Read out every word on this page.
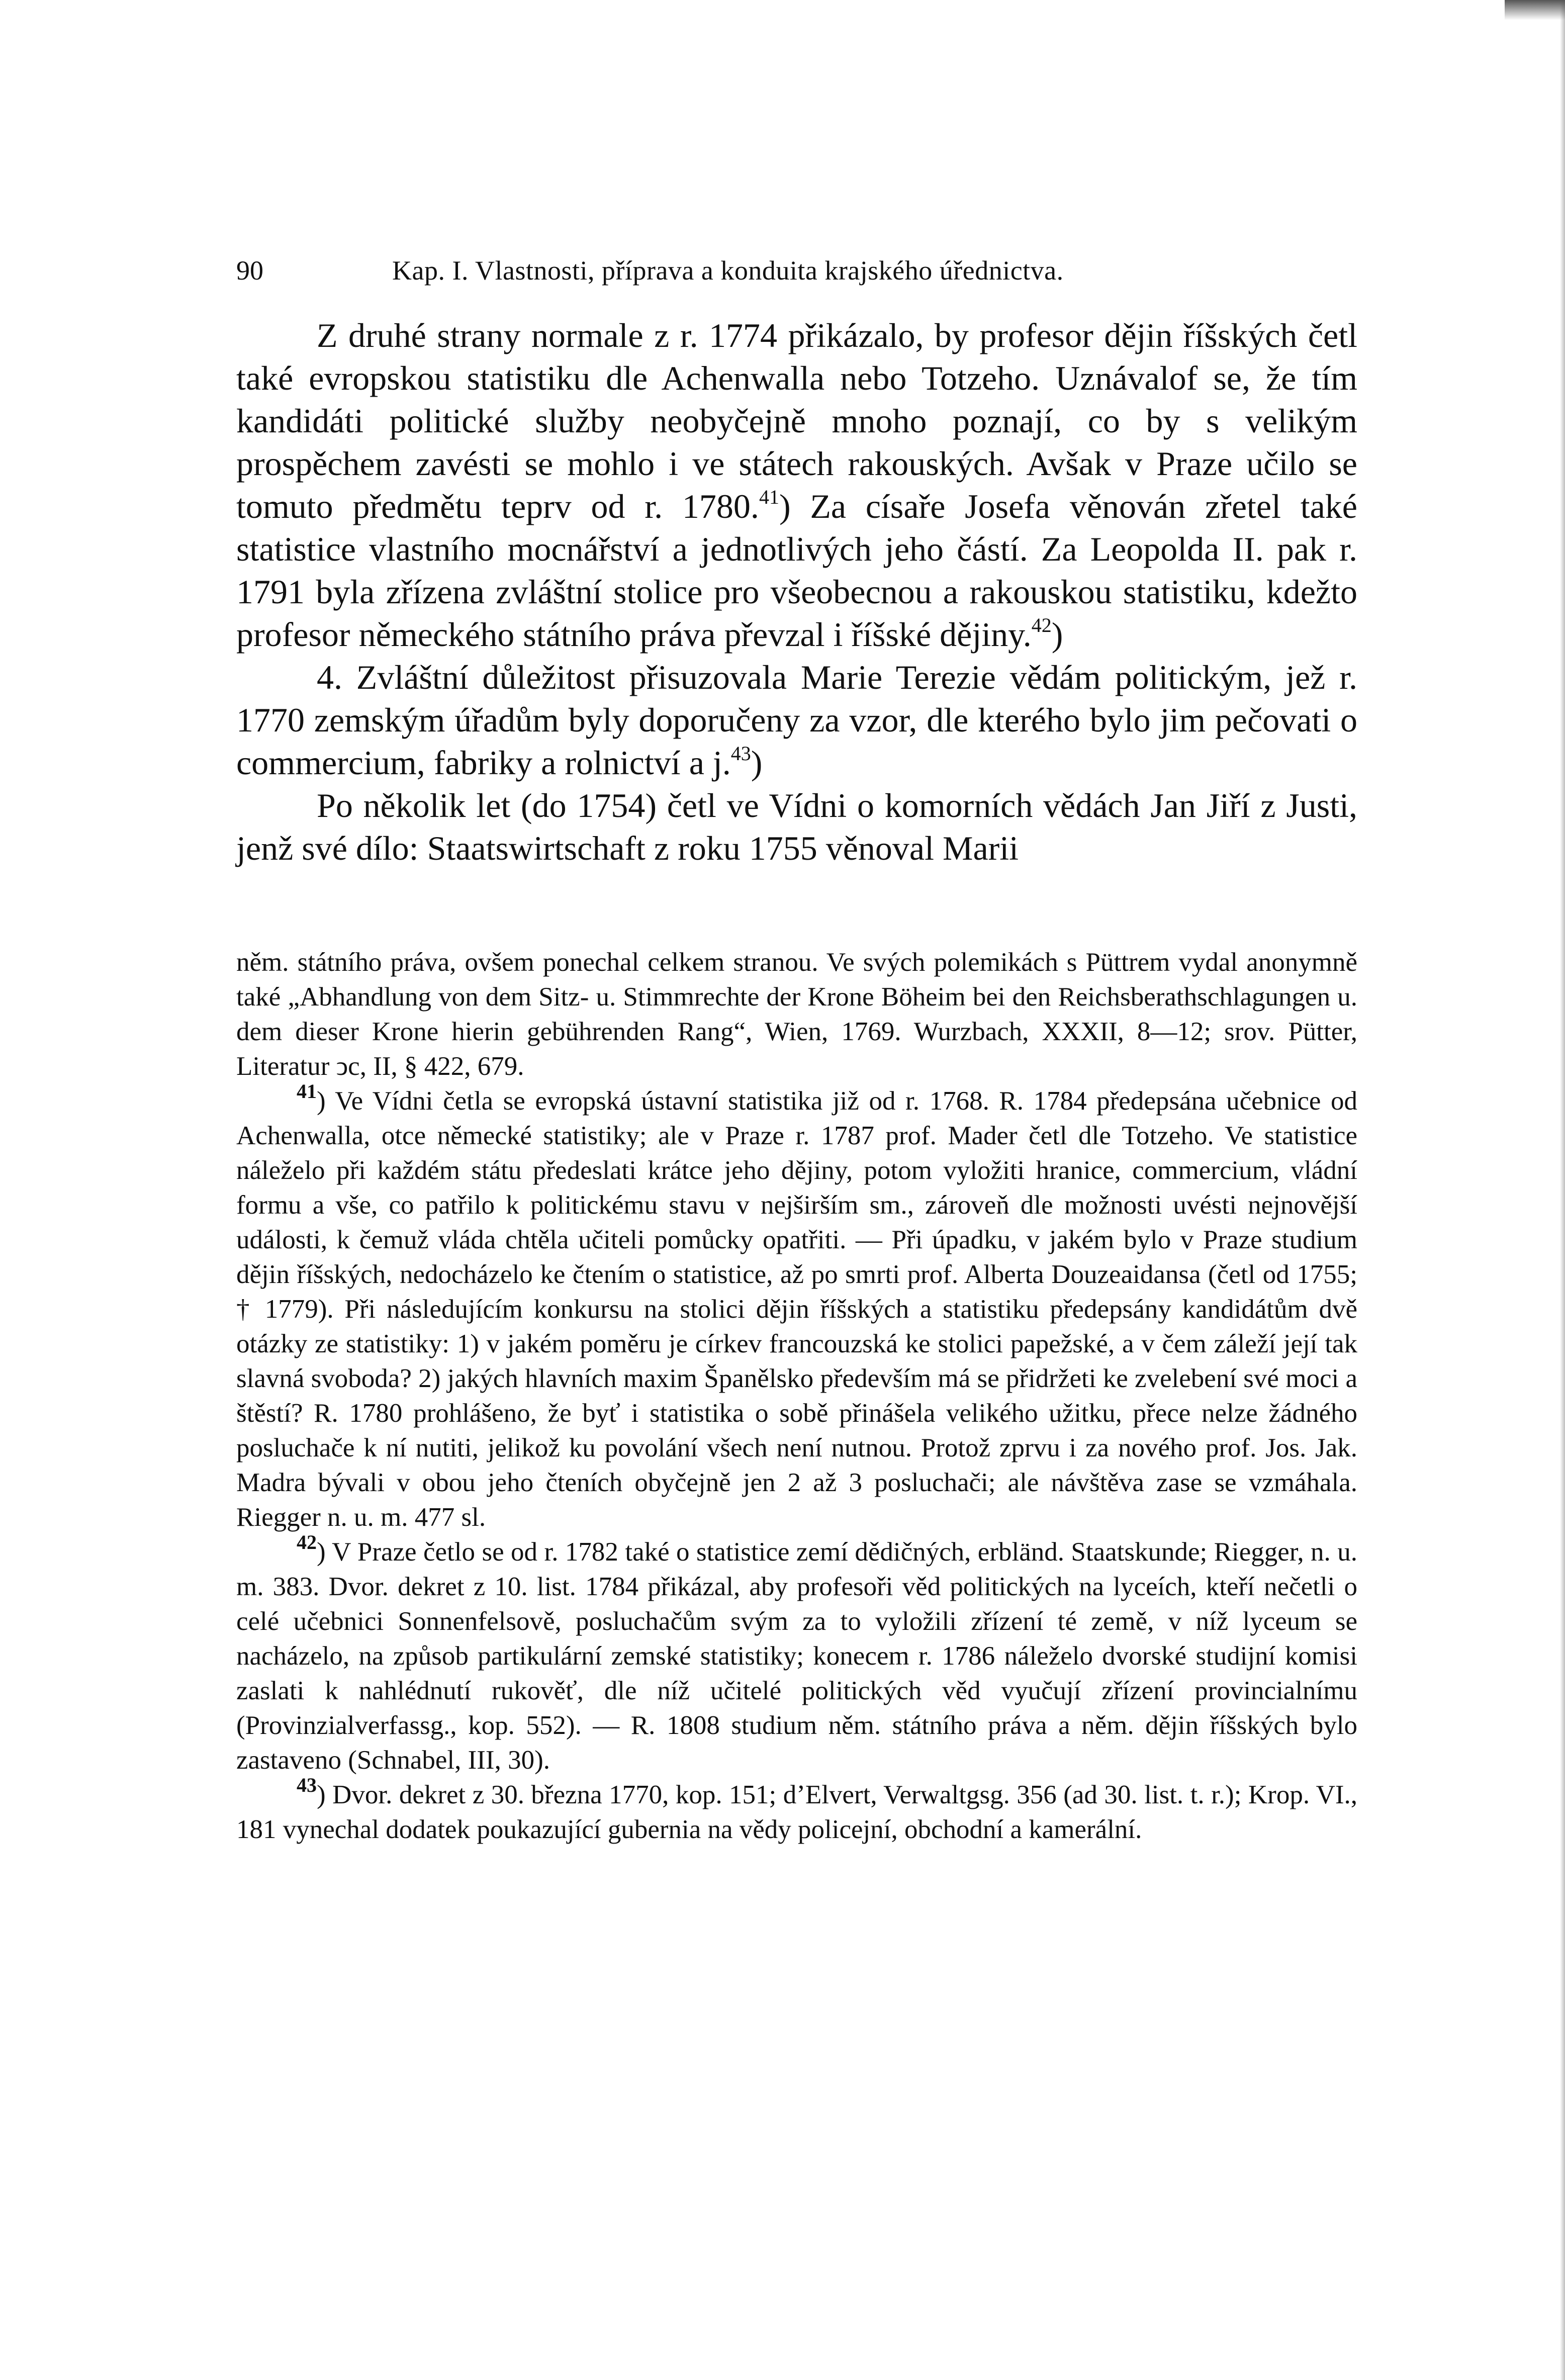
90	Kap. I. Vlastnosti, příprava a konduita krajského úřednictva.

Z druhé strany normale z r. 1774 přikázalo, by profesor dějin říšských četl také evropskou statistiku dle Achenwalla nebo Totzeho. Uznávalof se, že tím kandidáti politické služby neobyčejně mnoho poznají, co by s velikým prospěchem zavésti se mohlo i ve státech rakouských. Avšak v Praze učilo se tomuto předmětu teprv od r. 1780.41) Za císaře Josefa věnován zřetel také statistice vlastního mocnářství a jednotlivých jeho částí. Za Leopolda II. pak r. 1791 byla zřízena zvláštní stolice pro všeobecnou a rakouskou statistiku, kdežto profesor německého státního práva převzal i říšské dějiny.$^{42}$)

4. Zvláštní důležitost přisuzovala Marie Terezie vědám politickým, jež r. 1770 zemským úřadům byly doporučeny za vzor, dle kterého bylo jim pečovati o commercium, fabriky a rolnictví a j.$^{43}$)

Po několik let (do 1754) četl ve Vídni o komorních vědách Jan Jiří z Justi, jenž své dílo: Staatswirtschaft z roku 1755 věnoval Marii

něm. státního práva, ovšem ponechal celkem stranou. Ve svých polemikách s Püttrem vydal anonymně také „Abhandlung von dem Sitz- u. Stimmrechte der Krone Böheim bei den Reichsberathschlagungen u. dem dieser Krone hierin gebührenden Rang“, Wien, 1769. Wurzbach, XXXII, 8—12; srov. Pütter, Literatur ↄc, II, § 422, 679.

$^{41}$) Ve Vídni četla se evropská ústavní statistika již od r. 1768. R. 1784 předepsána učebnice od Achenwalla, otce německé statistiky; ale v Praze r. 1787 prof. Mader četl dle Totzeho. Ve statistice náleželo při každém státu předeslati krátce jeho dějiny, potom vyložiti hranice, commercium, vládní formu a vše, co patřilo k politickému stavu v nejširším sm., zároveň dle možnosti uvésti nejnovější události, k čemuž vláda chtěla učiteli pomůcky opatřiti. — Při úpadku, v jakém bylo v Praze studium dějin říšských, nedocházelo ke čtením o statistice, až po smrti prof. Alberta Douzeaidansa (četl od 1755; † 1779). Při následujícím konkursu na stolici dějin říšských a statistiku předepsány kandidátům dvě otázky ze statistiky: 1) v jakém poměru je církev francouzská ke stolici papežské, a v čem záleží její tak slavná svoboda? 2) jakých hlavních maxim Španělsko především má se přidržeti ke zvelebení své moci a štěstí? R. 1780 prohlášeno, že byť i statistika o sobě přinášela velikého užitku, přece nelze žádného posluchače k ní nutiti, jelikož ku povolání všech není nutnou. Protož zprvu i za nového prof. Jos. Jak. Madra bývali v obou jeho čteních obyčejně jen 2 až 3 posluchači; ale návštěva zase se vzmáhala. Riegger n. u. m. 477 sl.

$^{42}$) V Praze četlo se od r. 1782 také o statistice zemí dědičných, erbländ. Staatskunde; Riegger, n. u. m. 383. Dvor. dekret z 10. list. 1784 přikázal, aby profesoři věd politických na lyceích, kteří nečetli o celé učebnici Sonnenfelsově, posluchačům svým za to vyložili zřízení té země, v níž lyceum se nacházelo, na způsob partikulární zemské statistiky; konecem r. 1786 náleželo dvorské studijní komisi zaslati k nahlédnutí rukověť, dle níž učitelé politických věd vyučují zřízení provincialnímu (Provinzialverfassg., kop. 552). — R. 1808 studium něm. státního práva a něm. dějin říšských bylo zastaveno (Schnabel, III, 30).

$^{43}$) Dvor. dekret z 30. března 1770, kop. 151; d’Elvert, Verwaltgsg. 356 (ad 30. list. t. r.); Krop. VI., 181 vynechal dodatek poukazující gubernia na vědy policejní, obchodní a kamerální.
